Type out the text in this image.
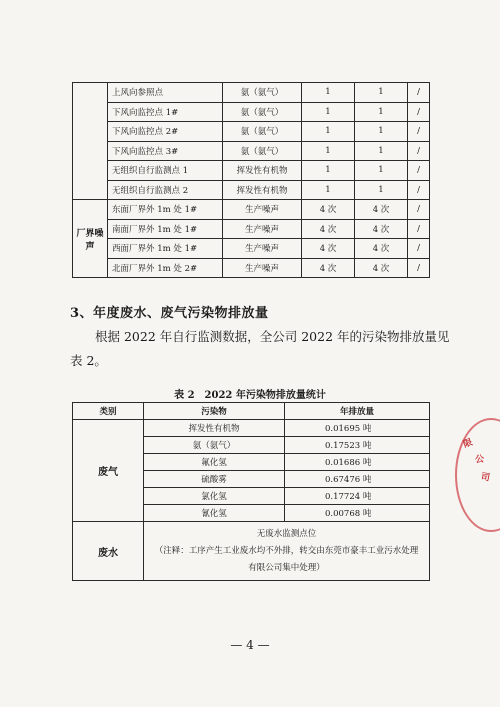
	上风向参照点	氨（氨气）	1	1	/
	下风向监控点 1#	氨（氨气）	1	1	/
	下风向监控点 2#	氨（氨气）	1	1	/
	下风向监控点 3#	氨（氨气）	1	1	/
	无组织自行监测点 1	挥发性有机物	1	1	/
	无组织自行监测点 2	挥发性有机物	1	1	/
厂界噪声	东面厂界外 1m 处 1#	生产噪声	4 次	4 次	/
	南面厂界外 1m 处 1#	生产噪声	4 次	4 次	/
	西面厂界外 1m 处 1#	生产噪声	4 次	4 次	/
	北面厂界外 1m 处 2#	生产噪声	4 次	4 次	/
3、年度废水、废气污染物排放量
根据 2022 年自行监测数据，全公司 2022 年的污染物排放量见表 2。
表 2　2022 年污染物排放量统计
类别	污染物	年排放量
废气	挥发性有机物	0.01695 吨
	氨（氨气）	0.17523 吨
	氟化氢	0.01686 吨
	硫酸雾	0.67476 吨
	氯化氢	0.17724 吨
	氰化氢	0.00768 吨
废水	无废水监测点位
（注释：工序产生工业废水均不外排，转交由东莞市豪丰工业污水处理
有限公司集中处理）	
— 4 —
限
公
司
